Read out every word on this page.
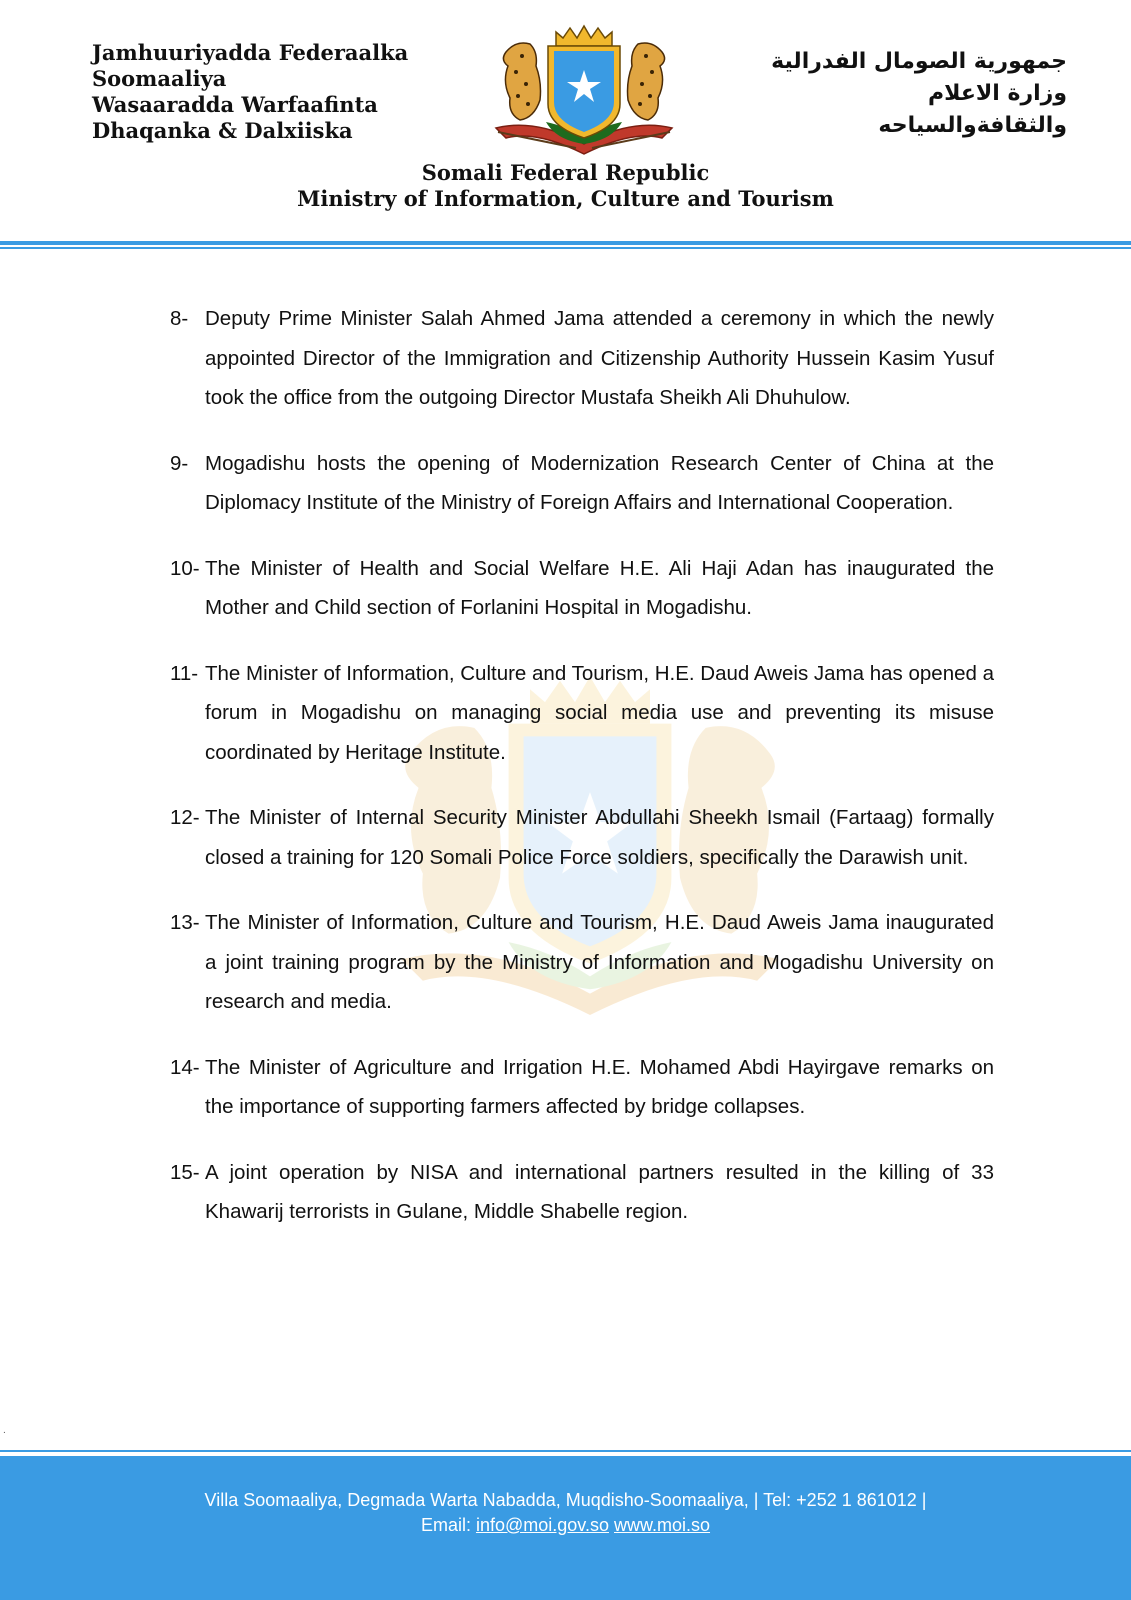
Jamhuuriyadda Federaalka
Soomaaliya
Wasaaradda Warfaafinta
Dhaqanka & Dalxiiska
جمهورية الصومال الفدرالية
وزارة الاعلام
والثقافةوالسياحه
Somali Federal Republic
Ministry of Information, Culture and Tourism
8- Deputy Prime Minister Salah Ahmed Jama attended a ceremony in which the newly appointed Director of the Immigration and Citizenship Authority Hussein Kasim Yusuf took the office from the outgoing Director Mustafa Sheikh Ali Dhuhulow.
9- Mogadishu hosts the opening of Modernization Research Center of China at the Diplomacy Institute of the Ministry of Foreign Affairs and International Cooperation.
10- The Minister of Health and Social Welfare H.E. Ali Haji Adan has inaugurated the Mother and Child section of Forlanini Hospital in Mogadishu.
11- The Minister of Information, Culture and Tourism, H.E. Daud Aweis Jama has opened a forum in Mogadishu on managing social media use and preventing its misuse coordinated by Heritage Institute.
12- The Minister of Internal Security Minister Abdullahi Sheekh Ismail (Fartaag) formally closed a training for 120 Somali Police Force soldiers, specifically the Darawish unit.
13- The Minister of Information, Culture and Tourism, H.E. Daud Aweis Jama inaugurated a joint training program by the Ministry of Information and Mogadishu University on research and media.
14- The Minister of Agriculture and Irrigation H.E. Mohamed Abdi Hayirgave remarks on the importance of supporting farmers affected by bridge collapses.
15- A joint operation by NISA and international partners resulted in the killing of 33 Khawarij terrorists in Gulane, Middle Shabelle region.
.
Villa Soomaaliya, Degmada Warta Nabadda, Muqdisho-Soomaaliya, | Tel: +252 1 861012 |
Email: info@moi.gov.so www.moi.so
